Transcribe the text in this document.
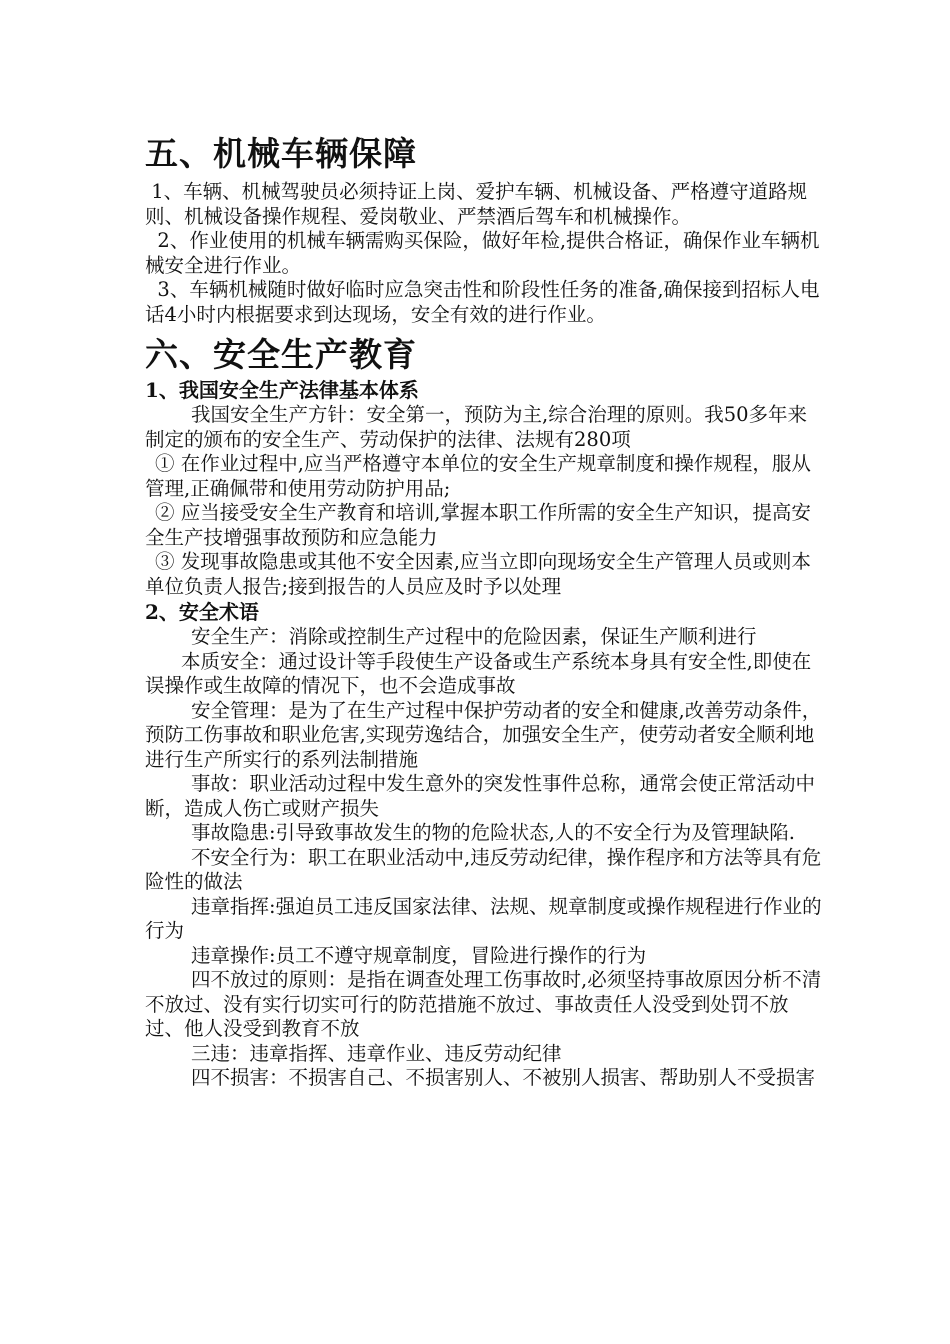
五、机械车辆保障

1、车辆、机械驾驶员必须持证上岗、爱护车辆、机械设备、严格遵守道路规则、机械设备操作规程、爱岗敬业、严禁酒后驾车和机械操作。

2、作业使用的机械车辆需购买保险，做好年检,提供合格证，确保作业车辆机械安全进行作业。

3、车辆机械随时做好临时应急突击性和阶段性任务的准备,确保接到招标人电话4小时内根据要求到达现场，安全有效的进行作业。

六、安全生产教育
1、我国安全生产法律基本体系

我国安全生产方针：安全第一，预防为主,综合治理的原则。我50多年来制定的颁布的安全生产、劳动保护的法律、法规有280项

① 在作业过程中,应当严格遵守本单位的安全生产规章制度和操作规程，服从管理,正确佩带和使用劳动防护用品;

② 应当接受安全生产教育和培训,掌握本职工作所需的安全生产知识，提高安全生产技增强事故预防和应急能力

③ 发现事故隐患或其他不安全因素,应当立即向现场安全生产管理人员或则本单位负责人报告;接到报告的人员应及时予以处理

2、安全术语

安全生产：消除或控制生产过程中的危险因素，保证生产顺利进行

本质安全：通过设计等手段使生产设备或生产系统本身具有安全性,即使在误操作或生故障的情况下，也不会造成事故

安全管理：是为了在生产过程中保护劳动者的安全和健康,改善劳动条件，预防工伤事故和职业危害,实现劳逸结合，加强安全生产，使劳动者安全顺利地进行生产所实行的系列法制措施

事故：职业活动过程中发生意外的突发性事件总称，通常会使正常活动中断，造成人伤亡或财产损失

事故隐患:引导致事故发生的物的危险状态,人的不安全行为及管理缺陷.

不安全行为：职工在职业活动中,违反劳动纪律，操作程序和方法等具有危险性的做法

违章指挥:强迫员工违反国家法律、法规、规章制度或操作规程进行作业的行为

违章操作:员工不遵守规章制度，冒险进行操作的行为

四不放过的原则：是指在调查处理工伤事故时,必须坚持事故原因分析不清不放过、没有实行切实可行的防范措施不放过、事故责任人没受到处罚不放过、他人没受到教育不放

三违：违章指挥、违章作业、违反劳动纪律

四不损害：不损害自己、不损害别人、不被别人损害、帮助别人不受损害
